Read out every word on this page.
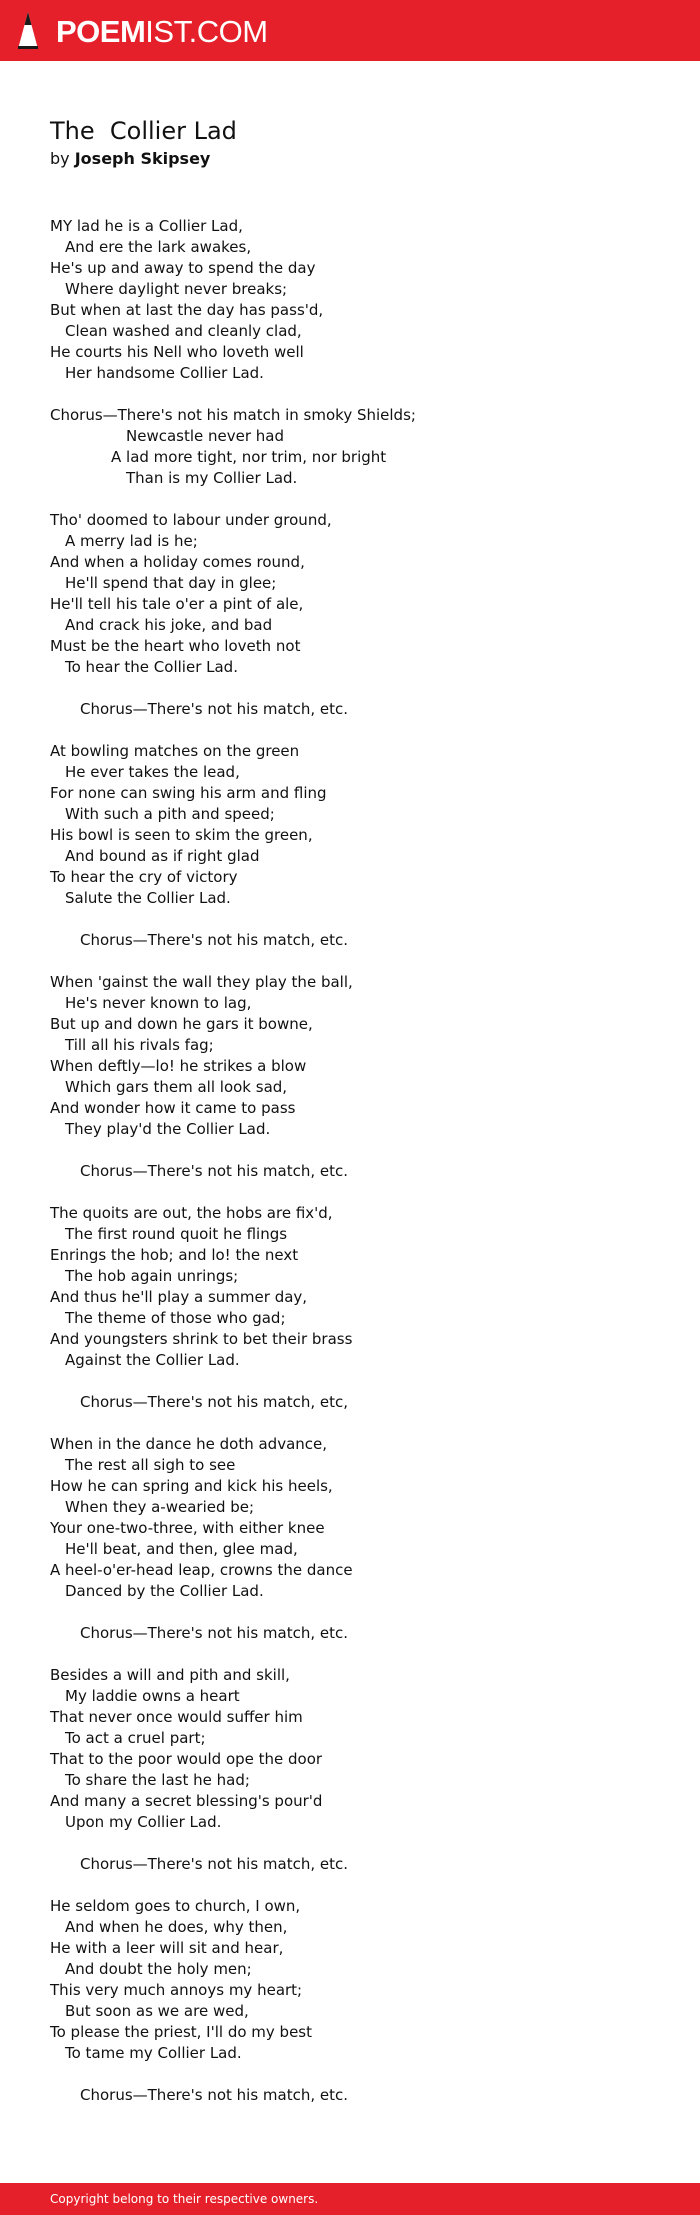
POEMIST.COM
The  Collier Lad
by Joseph Skipsey
MY lad he is a Collier Lad,
And ere the lark awakes,
He's up and away to spend the day
Where daylight never breaks;
But when at last the day has pass'd,
Clean washed and cleanly clad,
He courts his Nell who loveth well
Her handsome Collier Lad.
Chorus—There's not his match in smoky Shields;
Newcastle never had
A lad more tight, nor trim, nor bright
Than is my Collier Lad.
Tho' doomed to labour under ground,
A merry lad is he;
And when a holiday comes round,
He'll spend that day in glee;
He'll tell his tale o'er a pint of ale,
And crack his joke, and bad
Must be the heart who loveth not
To hear the Collier Lad.
Chorus—There's not his match, etc.
At bowling matches on the green
He ever takes the lead,
For none can swing his arm and fling
With such a pith and speed;
His bowl is seen to skim the green,
And bound as if right glad
To hear the cry of victory
Salute the Collier Lad.
Chorus—There's not his match, etc.
When 'gainst the wall they play the ball,
He's never known to lag,
But up and down he gars it bowne,
Till all his rivals fag;
When deftly—lo! he strikes a blow
Which gars them all look sad,
And wonder how it came to pass
They play'd the Collier Lad.
Chorus—There's not his match, etc.
The quoits are out, the hobs are fix'd,
The first round quoit he flings
Enrings the hob; and lo! the next
The hob again unrings;
And thus he'll play a summer day,
The theme of those who gad;
And youngsters shrink to bet their brass
Against the Collier Lad.
Chorus—There's not his match, etc,
When in the dance he doth advance,
The rest all sigh to see
How he can spring and kick his heels,
When they a-wearied be;
Your one-two-three, with either knee
He'll beat, and then, glee mad,
A heel-o'er-head leap, crowns the dance
Danced by the Collier Lad.
Chorus—There's not his match, etc.
Besides a will and pith and skill,
My laddie owns a heart
That never once would suffer him
To act a cruel part;
That to the poor would ope the door
To share the last he had;
And many a secret blessing's pour'd
Upon my Collier Lad.
Chorus—There's not his match, etc.
He seldom goes to church, I own,
And when he does, why then,
He with a leer will sit and hear,
And doubt the holy men;
This very much annoys my heart;
But soon as we are wed,
To please the priest, I'll do my best
To tame my Collier Lad.
Chorus—There's not his match, etc.
Copyright belong to their respective owners.
